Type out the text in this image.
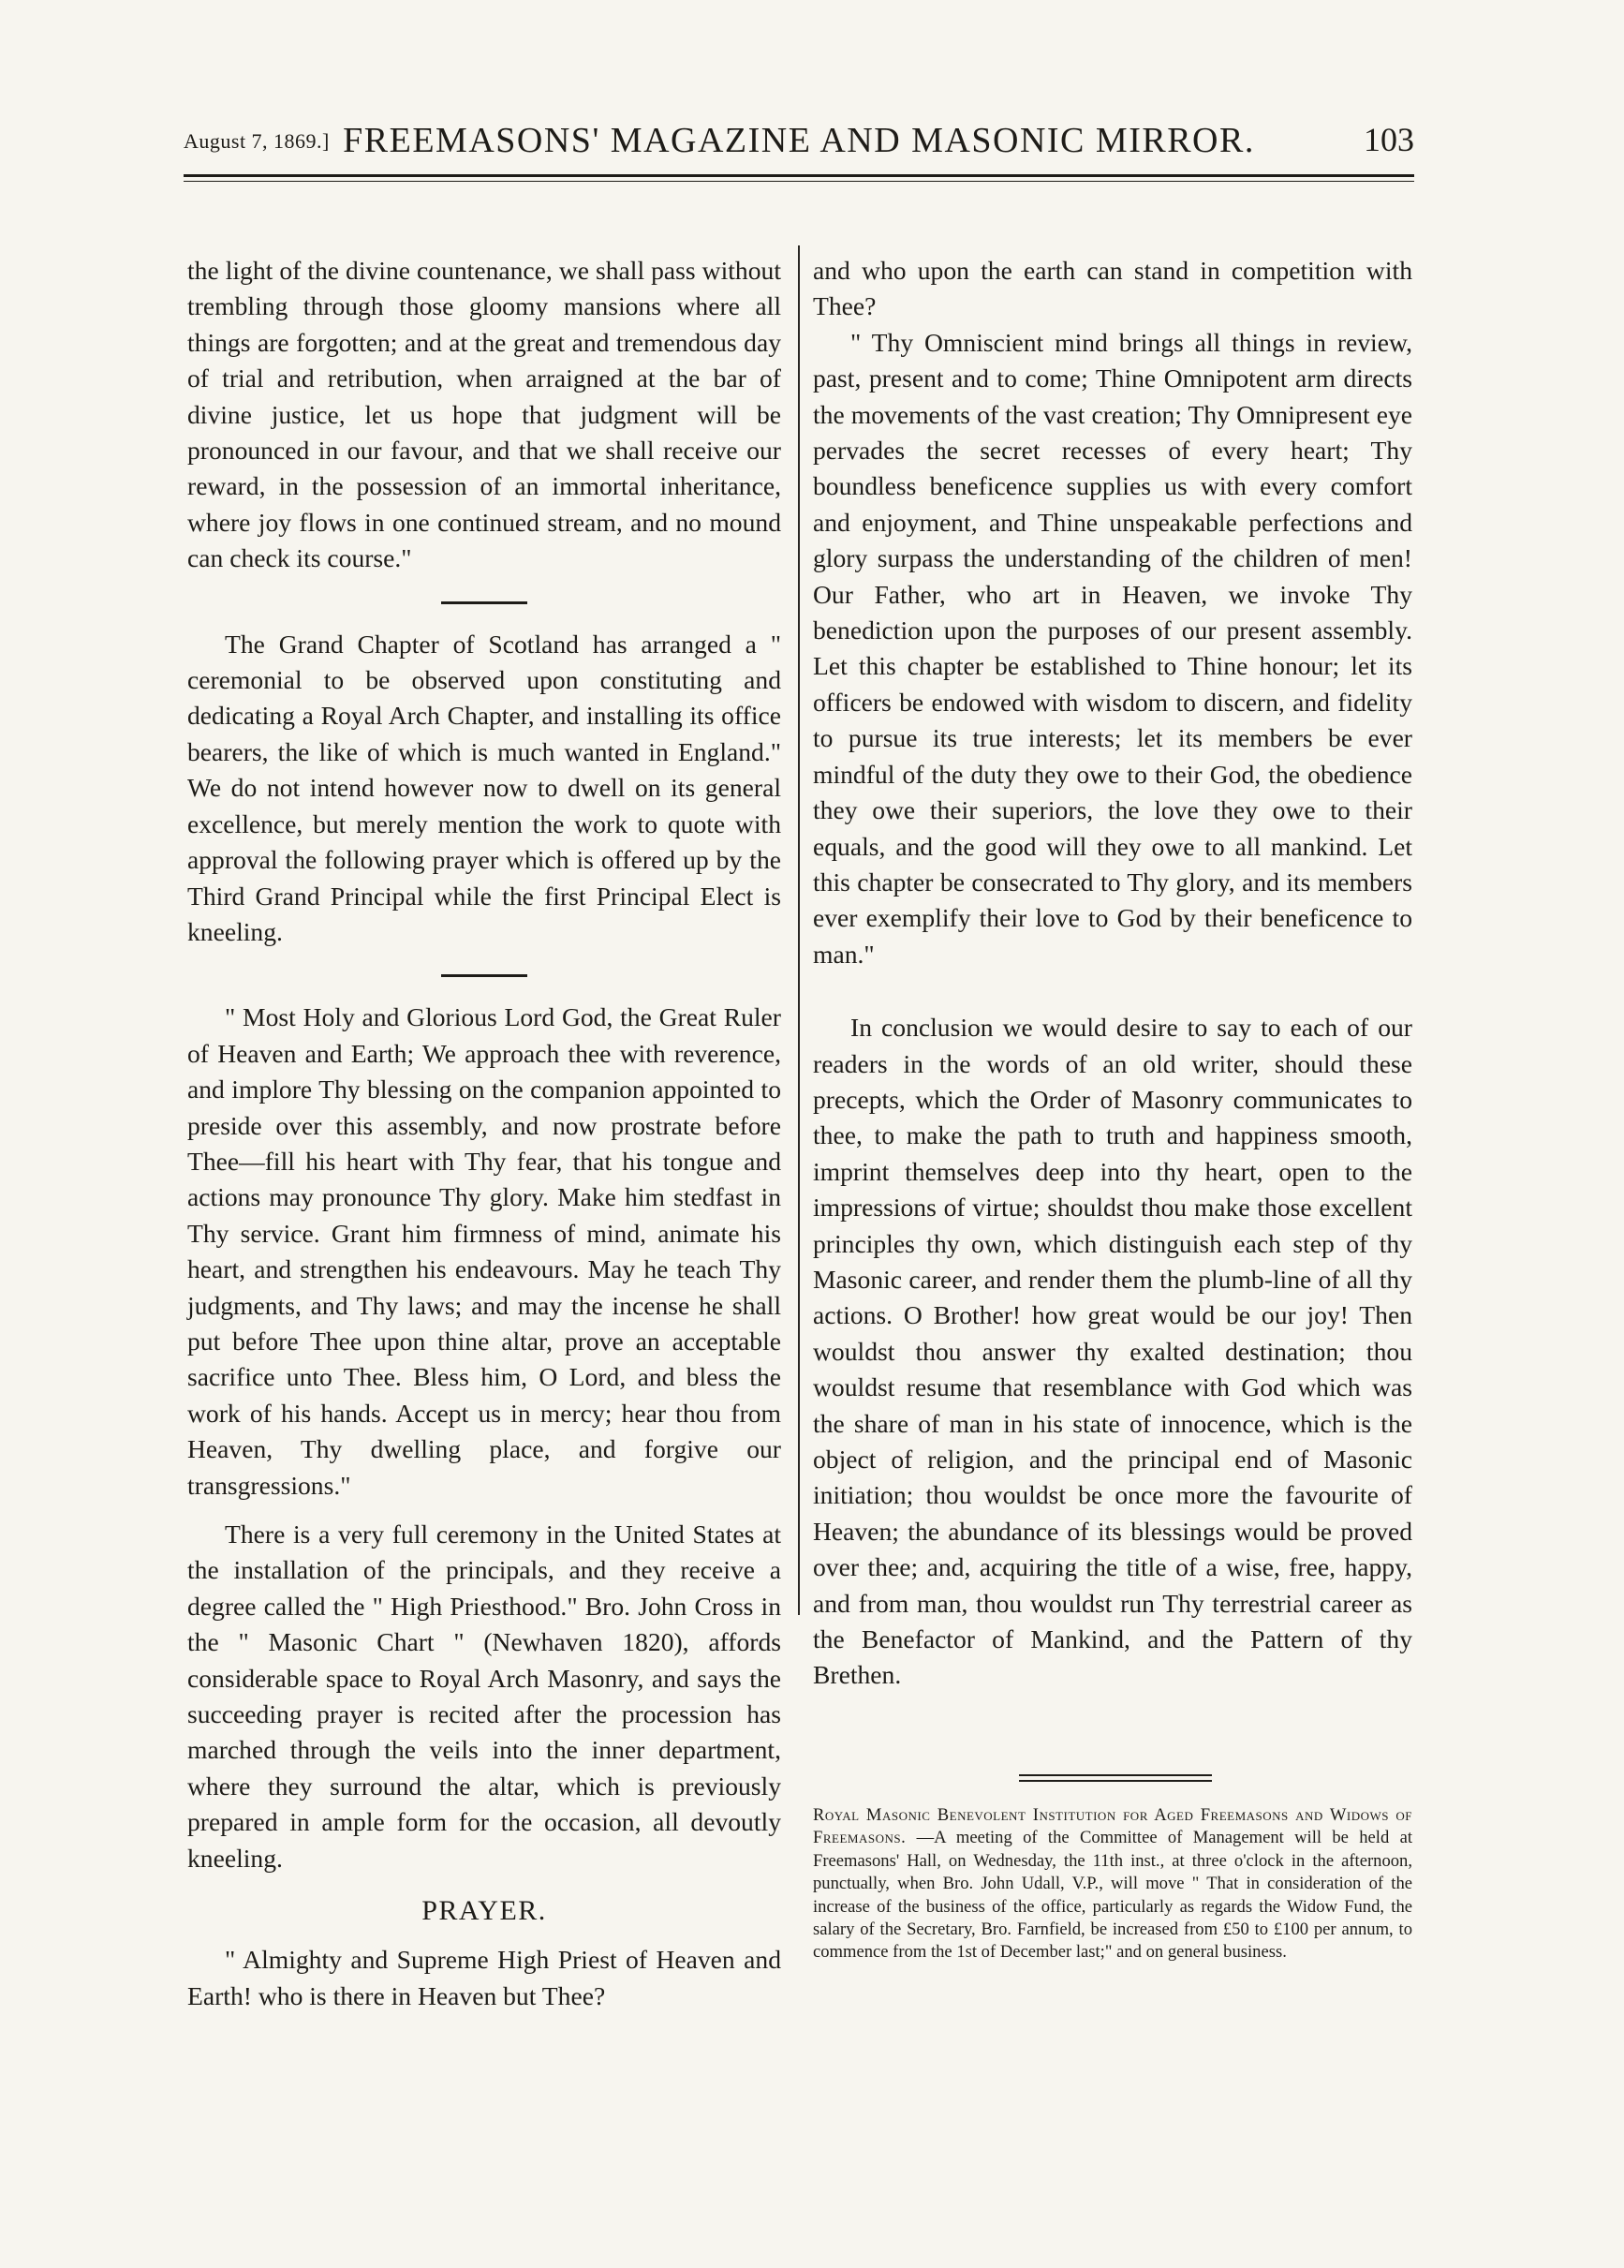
August 7, 1869.] FREEMASONS' MAGAZINE AND MASONIC MIRROR.	103

the light of the divine countenance, we shall pass without trembling through those gloomy mansions where all things are forgotten; and at the great and tremendous day of trial and retribution, when arraigned at the bar of divine justice, let us hope that judgment will be pronounced in our favour, and that we shall receive our reward, in the possession of an immortal inheritance, where joy flows in one continued stream, and no mound can check its course."

The Grand Chapter of Scotland has arranged a " ceremonial to be observed upon constituting and dedicating a Royal Arch Chapter, and installing its office bearers, the like of which is much wanted in England." We do not intend however now to dwell on its general excellence, but merely mention the work to quote with approval the following prayer which is offered up by the Third Grand Principal while the first Principal Elect is kneeling.

" Most Holy and Glorious Lord God, the Great Ruler of Heaven and Earth; We approach thee with reverence, and implore Thy blessing on the companion appointed to preside over this assembly, and now prostrate before Thee—fill his heart with Thy fear, that his tongue and actions may pronounce Thy glory. Make him stedfast in Thy service. Grant him firmness of mind, animate his heart, and strengthen his endeavours. May he teach Thy judgments, and Thy laws; and may the incense he shall put before Thee upon thine altar, prove an acceptable sacrifice unto Thee. Bless him, O Lord, and bless the work of his hands. Accept us in mercy; hear thou from Heaven, Thy dwelling place, and forgive our transgressions."

There is a very full ceremony in the United States at the installation of the principals, and they receive a degree called the " High Priesthood." Bro. John Cross in the " Masonic Chart " (Newhaven 1820), affords considerable space to Royal Arch Masonry, and says the succeeding prayer is recited after the procession has marched through the veils into the inner department, where they surround the altar, which is previously prepared in ample form for the occasion, all devoutly kneeling.

PRAYER.

" Almighty and Supreme High Priest of Heaven and Earth! who is there in Heaven but Thee?

and who upon the earth can stand in competition with Thee?

" Thy Omniscient mind brings all things in review, past, present and to come; Thine Omnipotent arm directs the movements of the vast creation; Thy Omnipresent eye pervades the secret recesses of every heart; Thy boundless beneficence supplies us with every comfort and enjoyment, and Thine unspeakable perfections and glory surpass the understanding of the children of men! Our Father, who art in Heaven, we invoke Thy benediction upon the purposes of our present assembly. Let this chapter be established to Thine honour; let its officers be endowed with wisdom to discern, and fidelity to pursue its true interests; let its members be ever mindful of the duty they owe to their God, the obedience they owe their superiors, the love they owe to their equals, and the good will they owe to all mankind. Let this chapter be consecrated to Thy glory, and its members ever exemplify their love to God by their beneficence to man."

In conclusion we would desire to say to each of our readers in the words of an old writer, should these precepts, which the Order of Masonry communicates to thee, to make the path to truth and happiness smooth, imprint themselves deep into thy heart, open to the impressions of virtue; shouldst thou make those excellent principles thy own, which distinguish each step of thy Masonic career, and render them the plumb-line of all thy actions. O Brother! how great would be our joy! Then wouldst thou answer thy exalted destination; thou wouldst resume that resemblance with God which was the share of man in his state of innocence, which is the object of religion, and the principal end of Masonic initiation; thou wouldst be once more the favourite of Heaven; the abundance of its blessings would be proved over thee; and, acquiring the title of a wise, free, happy, and from man, thou wouldst run Thy terrestrial career as the Benefactor of Mankind, and the Pattern of thy Brethen.

Royal Masonic Benevolent Institution for Aged Freemasons and Widows of Freemasons. —A meeting of the Committee of Management will be held at Freemasons' Hall, on Wednesday, the 11th inst., at three o'clock in the afternoon, punctually, when Bro. John Udall, V.P., will move " That in consideration of the increase of the business of the office, particularly as regards the Widow Fund, the salary of the Secretary, Bro. Farnfield, be increased from £50 to £100 per annum, to commence from the 1st of December last;" and on general business.
